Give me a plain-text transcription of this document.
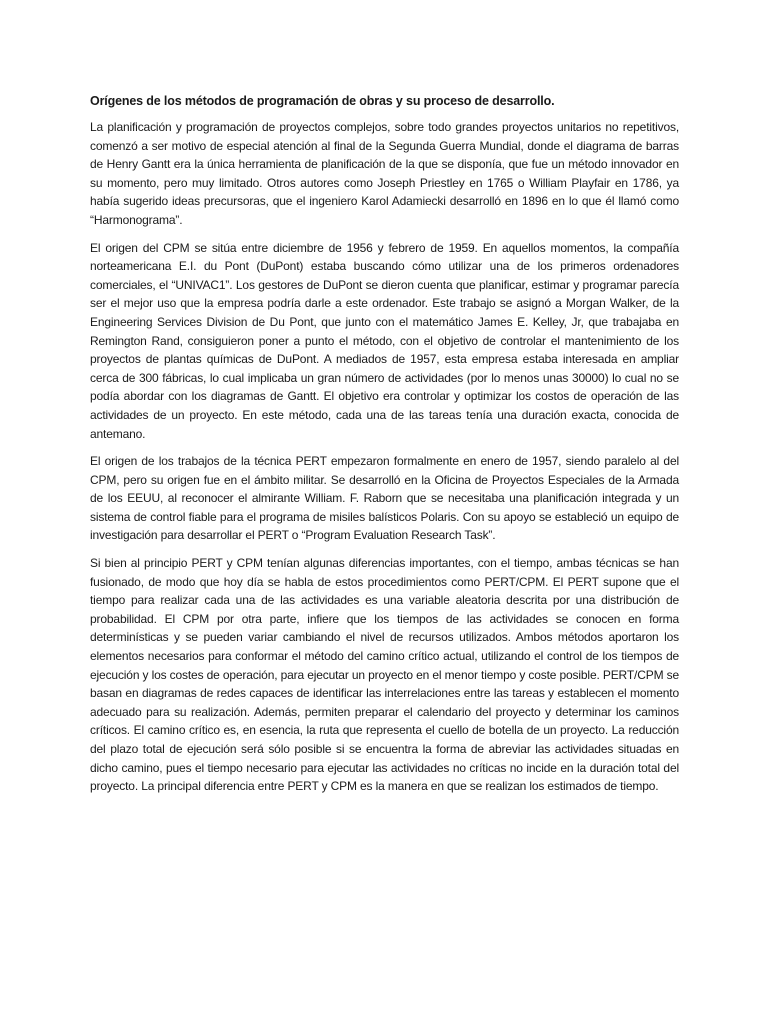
Orígenes de los métodos de programación de obras y su proceso de desarrollo.

La planificación y programación de proyectos complejos, sobre todo grandes proyectos unitarios no repetitivos, comenzó a ser motivo de especial atención al final de la Segunda Guerra Mundial, donde el diagrama de barras de Henry Gantt era la única herramienta de planificación de la que se disponía, que fue un método innovador en su momento, pero muy limitado. Otros autores como Joseph Priestley en 1765 o William Playfair en 1786, ya había sugerido ideas precursoras, que el ingeniero Karol Adamiecki desarrolló en 1896 en lo que él llamó como “Harmonograma”.

El origen del CPM se sitúa entre diciembre de 1956 y febrero de 1959. En aquellos momentos, la compañía norteamericana E.I. du Pont (DuPont) estaba buscando cómo utilizar una de los primeros ordenadores comerciales, el “UNIVAC1”. Los gestores de DuPont se dieron cuenta que planificar, estimar y programar parecía ser el mejor uso que la empresa podría darle a este ordenador. Este trabajo se asignó a Morgan Walker, de la Engineering Services Division de Du Pont, que junto con el matemático James E. Kelley, Jr, que trabajaba en Remington Rand, consiguieron poner a punto el método, con el objetivo de controlar el mantenimiento de los proyectos de plantas químicas de DuPont. A mediados de 1957, esta empresa estaba interesada en ampliar cerca de 300 fábricas, lo cual implicaba un gran número de actividades (por lo menos unas 30000) lo cual no se podía abordar con los diagramas de Gantt. El objetivo era controlar y optimizar los costos de operación de las actividades de un proyecto. En este método, cada una de las tareas tenía una duración exacta, conocida de antemano.

El origen de los trabajos de la técnica PERT empezaron formalmente en enero de 1957, siendo paralelo al del CPM, pero su origen fue en el ámbito militar. Se desarrolló en la Oficina de Proyectos Especiales de la Armada de los EEUU, al reconocer el almirante William. F. Raborn que se necesitaba una planificación integrada y un sistema de control fiable para el programa de misiles balísticos Polaris. Con su apoyo se estableció un equipo de investigación para desarrollar el PERT o “Program Evaluation Research Task”.

Si bien al principio PERT y CPM tenían algunas diferencias importantes, con el tiempo, ambas técnicas se han fusionado, de modo que hoy día se habla de estos procedimientos como PERT/CPM. El PERT supone que el tiempo para realizar cada una de las actividades es una variable aleatoria descrita por una distribución de probabilidad. El CPM por otra parte, infiere que los tiempos de las actividades se conocen en forma determinísticas y se pueden variar cambiando el nivel de recursos utilizados. Ambos métodos aportaron los elementos necesarios para conformar el método del camino crítico actual, utilizando el control de los tiempos de ejecución y los costes de operación, para ejecutar un proyecto en el menor tiempo y coste posible. PERT/CPM se basan en diagramas de redes capaces de identificar las interrelaciones entre las tareas y establecen el momento adecuado para su realización. Además, permiten preparar el calendario del proyecto y determinar los caminos críticos. El camino crítico es, en esencia, la ruta que representa el cuello de botella de un proyecto. La reducción del plazo total de ejecución será sólo posible si se encuentra la forma de abreviar las actividades situadas en dicho camino, pues el tiempo necesario para ejecutar las actividades no críticas no incide en la duración total del proyecto. La principal diferencia entre PERT y CPM es la manera en que se realizan los estimados de tiempo.
